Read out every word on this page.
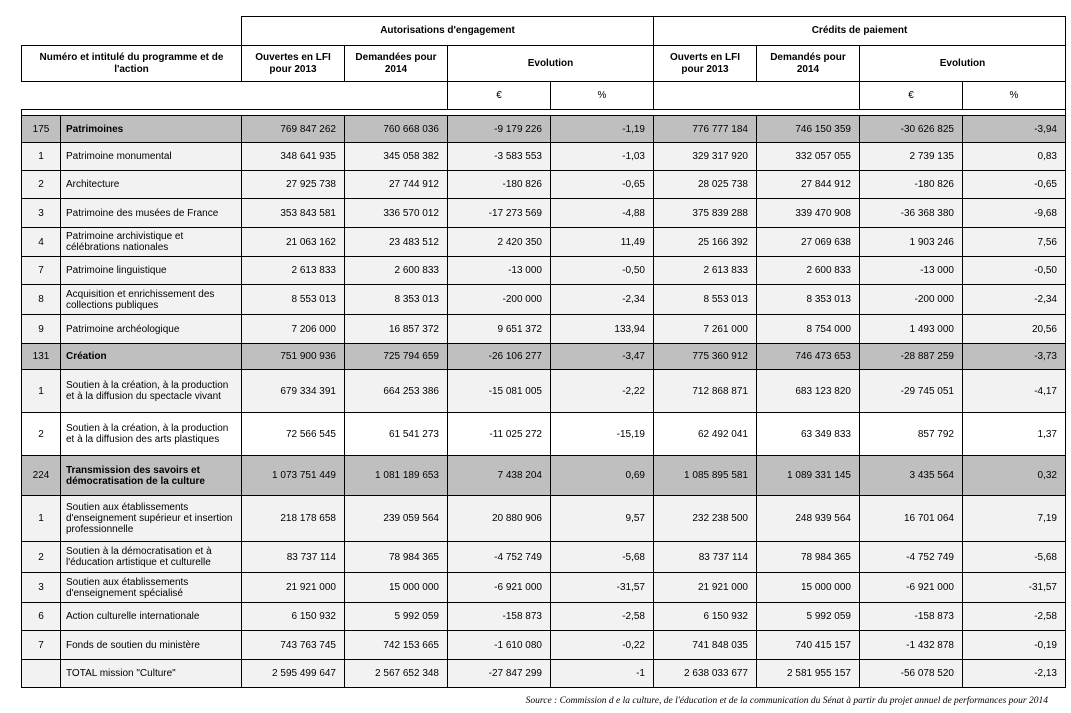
		Autorisations d'engagement				Crédits de paiement			
Numéro et intitulé du programme et de l'action		Ouvertes en LFI pour 2013	Demandées pour 2014	Evolution		Ouverts en LFI pour 2013	Demandés pour 2014	Evolution	
				€	%			€	%

175	Patrimoines	769 847 262	760 668 036	-9 179 226	-1,19	776 777 184	746 150 359	-30 626 825	-3,94
1	Patrimoine monumental	348 641 935	345 058 382	-3 583 553	-1,03	329 317 920	332 057 055	2 739 135	0,83
2	Architecture	27 925 738	27 744 912	-180 826	-0,65	28 025 738	27 844 912	-180 826	-0,65
3	Patrimoine des musées de France	353 843 581	336 570 012	-17 273 569	-4,88	375 839 288	339 470 908	-36 368 380	-9,68
4	Patrimoine archivistique et célébrations nationales	21 063 162	23 483 512	2 420 350	11,49	25 166 392	27 069 638	1 903 246	7,56
7	Patrimoine linguistique	2 613 833	2 600 833	-13 000	-0,50	2 613 833	2 600 833	-13 000	-0,50
8	Acquisition et enrichissement des collections publiques	8 553 013	8 353 013	-200 000	-2,34	8 553 013	8 353 013	-200 000	-2,34
9	Patrimoine archéologique	7 206 000	16 857 372	9 651 372	133,94	7 261 000	8 754 000	1 493 000	20,56
131	Création	751 900 936	725 794 659	-26 106 277	-3,47	775 360 912	746 473 653	-28 887 259	-3,73
1	Soutien à la création, à la production et à la diffusion du spectacle vivant	679 334 391	664 253 386	-15 081 005	-2,22	712 868 871	683 123 820	-29 745 051	-4,17
2	Soutien à la création, à la production et à la diffusion des arts plastiques	72 566 545	61 541 273	-11 025 272	-15,19	62 492 041	63 349 833	857 792	1,37
224	Transmission des savoirs et démocratisation de la culture	1 073 751 449	1 081 189 653	7 438 204	0,69	1 085 895 581	1 089 331 145	3 435 564	0,32
1	Soutien aux établissements d'enseignement supérieur et insertion professionnelle	218 178 658	239 059 564	20 880 906	9,57	232 238 500	248 939 564	16 701 064	7,19
2	Soutien à la démocratisation et à l'éducation artistique et culturelle	83 737 114	78 984 365	-4 752 749	-5,68	83 737 114	78 984 365	-4 752 749	-5,68
3	Soutien aux établissements d'enseignement spécialisé	21 921 000	15 000 000	-6 921 000	-31,57	21 921 000	15 000 000	-6 921 000	-31,57
6	Action culturelle internationale	6 150 932	5 992 059	-158 873	-2,58	6 150 932	5 992 059	-158 873	-2,58
7	Fonds de soutien du ministère	743 763 745	742 153 665	-1 610 080	-0,22	741 848 035	740 415 157	-1 432 878	-0,19
	TOTAL mission "Culture"	2 595 499 647	2 567 652 348	-27 847 299	-1	2 638 033 677	2 581 955 157	-56 078 520	-2,13
Source : Commission d e la culture, de l'éducation et de la communication du Sénat à partir du projet annuel de performances pour 2014
